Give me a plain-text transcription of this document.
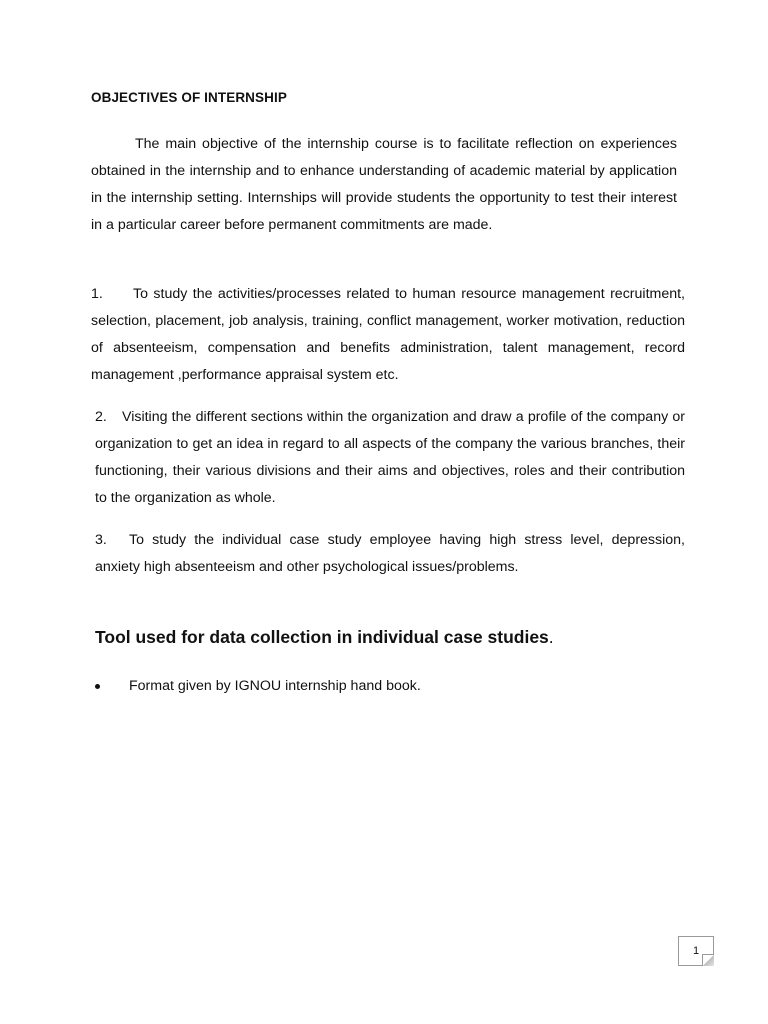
OBJECTIVES OF INTERNSHIP

The main objective of the internship course is to facilitate reflection on experiences obtained in the internship and to enhance understanding of academic material by application in the internship setting. Internships will provide students the opportunity to test their interest in a particular career before permanent commitments are made.

1. To study the activities/processes related to human resource management recruitment, selection, placement, job analysis, training, conflict management, worker motivation, reduction of absenteeism, compensation and benefits administration, talent management, record management ,performance appraisal system etc.

2. Visiting the different sections within the organization and draw a profile of the company or organization to get an idea in regard to all aspects of the company the various branches, their functioning, their various divisions and their aims and objectives, roles and their contribution to the organization as whole.

3. To study the individual case study employee having high stress level, depression, anxiety high absenteeism and other psychological issues/problems.

Tool used for data collection in individual case studies.
Format given by IGNOU internship hand book.
1
